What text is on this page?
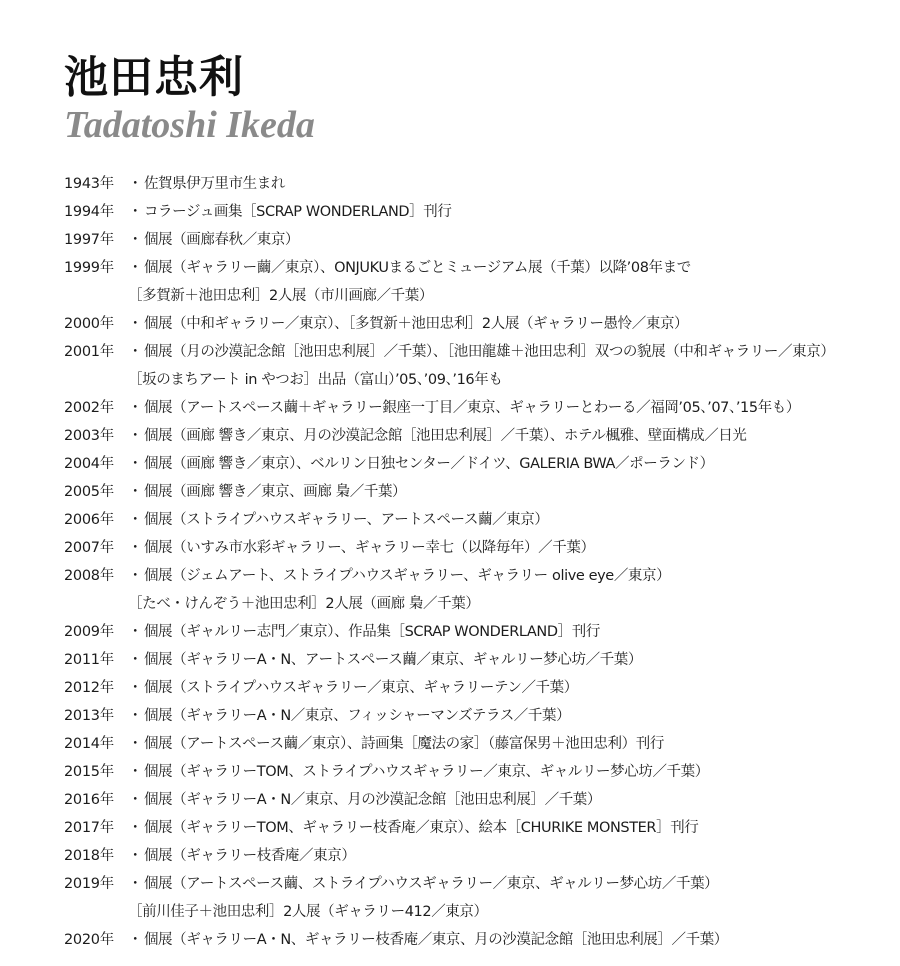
池田忠利
Tadatoshi Ikeda
1943年 ・ 佐賀県伊万里市生まれ
1994年 ・ コラージュ画集［SCRAP WONDERLAND］刊行
1997年 ・ 個展（画廊春秋／東京）
1999年 ・ 個展（ギャラリー繭／東京）、ONJUKUまるごとミュージアム展（千葉）以降’08年まで
［多賀新＋池田忠利］2人展（市川画廊／千葉）
2000年 ・ 個展（中和ギャラリー／東京）、［多賀新＋池田忠利］2人展（ギャラリー愚怜／東京）
2001年 ・ 個展（月の沙漠記念館［池田忠利展］／千葉）、［池田龍雄＋池田忠利］双つの貌展（中和ギャラリー／東京）
［坂のまちアート in やつお］出品（富山）’05、’09、’16年も
2002年 ・ 個展（アートスペース繭＋ギャラリー銀座一丁目／東京、ギャラリーとわーる／福岡’05、’07、’15年も）
2003年 ・ 個展（画廊 響き／東京、月の沙漠記念館［池田忠利展］／千葉）、ホテル楓雅、壁面構成／日光
2004年 ・ 個展（画廊 響き／東京）、ベルリン日独センター／ドイツ、GALERIA BWA／ポーランド）
2005年 ・ 個展（画廊 響き／東京、画廊 梟／千葉）
2006年 ・ 個展（ストライプハウスギャラリー、アートスペース繭／東京）
2007年 ・ 個展（いすみ市水彩ギャラリー、ギャラリー幸七（以降毎年）／千葉）
2008年 ・ 個展（ジェムアート、ストライプハウスギャラリー、ギャラリー olive eye／東京）
［たべ・けんぞう＋池田忠利］2人展（画廊 梟／千葉）
2009年 ・ 個展（ギャルリー志門／東京）、作品集［SCRAP WONDERLAND］刊行
2011年 ・ 個展（ギャラリーA・N、アートスペース繭／東京、ギャルリー梦心坊／千葉）
2012年 ・ 個展（ストライプハウスギャラリー／東京、ギャラリーテン／千葉）
2013年 ・ 個展（ギャラリーA・N／東京、フィッシャーマンズテラス／千葉）
2014年 ・ 個展（アートスペース繭／東京）、詩画集［魔法の家］（藤富保男＋池田忠利）刊行
2015年 ・ 個展（ギャラリーTOM、ストライプハウスギャラリー／東京、ギャルリー梦心坊／千葉）
2016年 ・ 個展（ギャラリーA・N／東京、月の沙漠記念館［池田忠利展］／千葉）
2017年 ・ 個展（ギャラリーTOM、ギャラリー枝香庵／東京）、絵本［CHURIKE MONSTER］刊行
2018年 ・ 個展（ギャラリー枝香庵／東京）
2019年 ・ 個展（アートスペース繭、ストライプハウスギャラリー／東京、ギャルリー梦心坊／千葉）
［前川佳子＋池田忠利］2人展（ギャラリー412／東京）
2020年 ・ 個展（ギャラリーA・N、ギャラリー枝香庵／東京、月の沙漠記念館［池田忠利展］／千葉）
